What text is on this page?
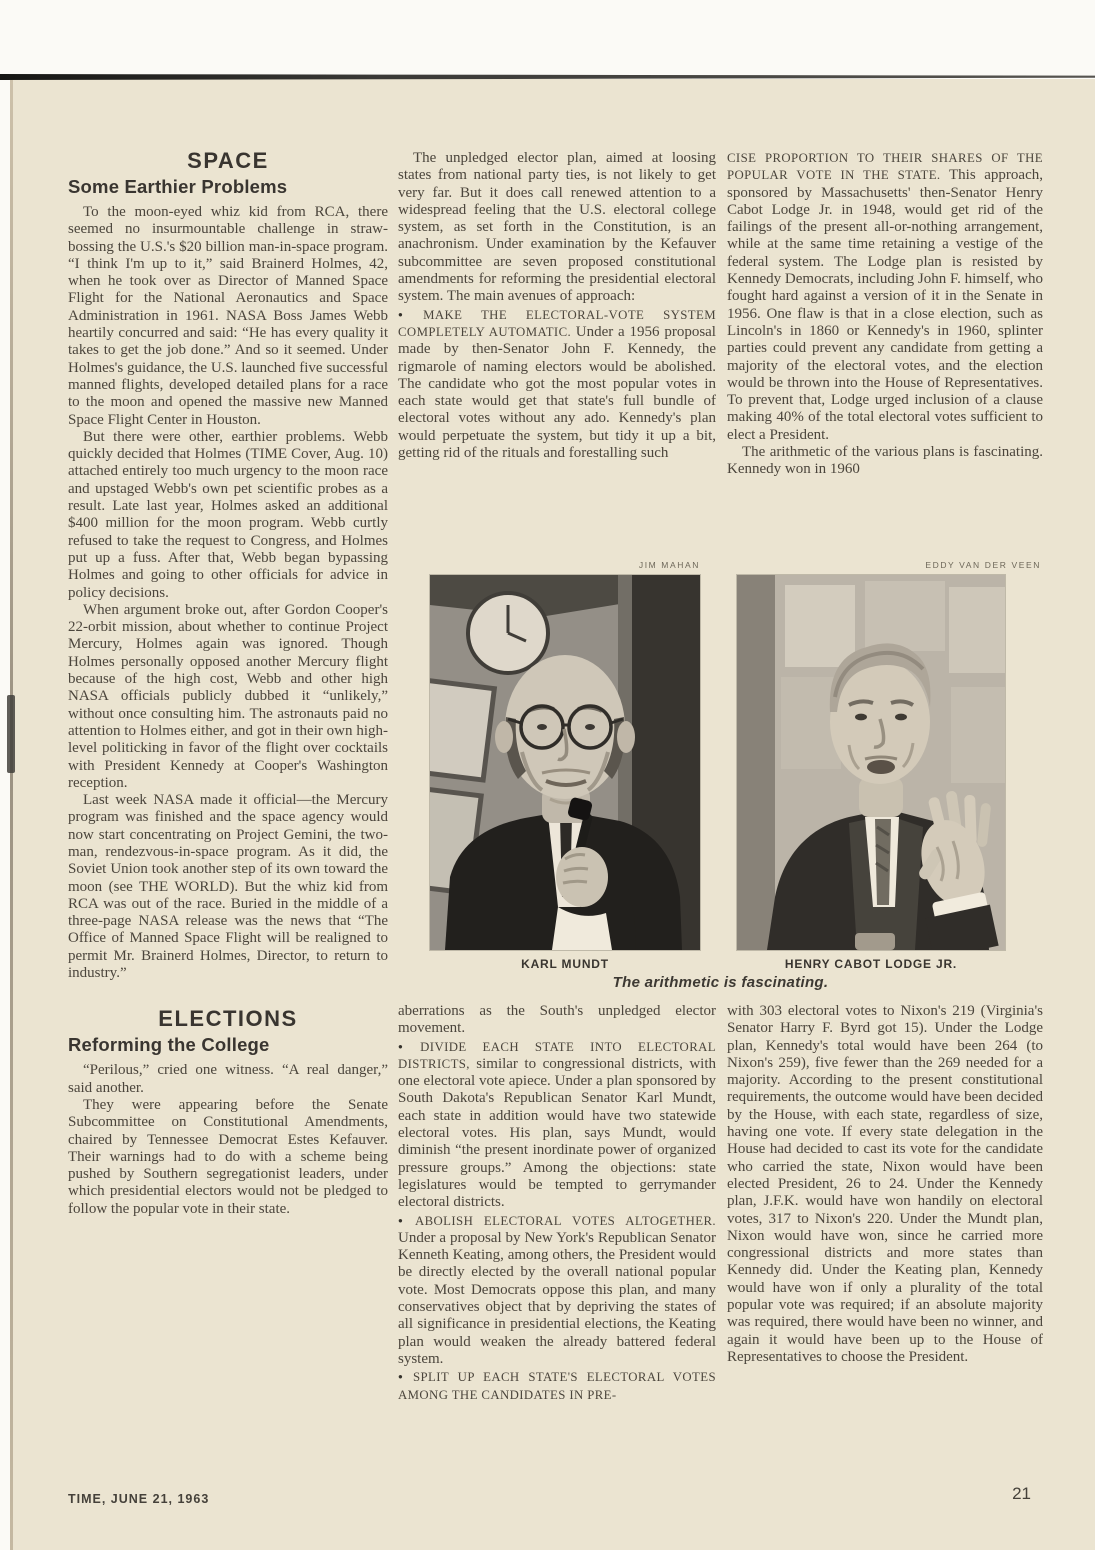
SPACE
Some Earthier Problems
To the moon-eyed whiz kid from RCA, there seemed no insurmountable challenge in straw-bossing the U.S.'s $20 billion man-in-space program. “I think I'm up to it,” said Brainerd Holmes, 42, when he took over as Director of Manned Space Flight for the National Aeronautics and Space Administration in 1961. NASA Boss James Webb heartily concurred and said: “He has every quality it takes to get the job done.” And so it seemed. Under Holmes's guidance, the U.S. launched five successful manned flights, developed detailed plans for a race to the moon and opened the massive new Manned Space Flight Center in Houston.
But there were other, earthier problems. Webb quickly decided that Holmes (TIME Cover, Aug. 10) attached entirely too much urgency to the moon race and upstaged Webb's own pet scientific probes as a result. Late last year, Holmes asked an additional $400 million for the moon program. Webb curtly refused to take the request to Congress, and Holmes put up a fuss. After that, Webb began bypassing Holmes and going to other officials for advice in policy decisions.
When argument broke out, after Gordon Cooper's 22-orbit mission, about whether to continue Project Mercury, Holmes again was ignored. Though Holmes personally opposed another Mercury flight because of the high cost, Webb and other high NASA officials publicly dubbed it “unlikely,” without once consulting him. The astronauts paid no attention to Holmes either, and got in their own high-level politicking in favor of the flight over cocktails with President Kennedy at Cooper's Washington reception.
Last week NASA made it official—the Mercury program was finished and the space agency would now start concentrating on Project Gemini, the two-man, rendezvous-in-space program. As it did, the Soviet Union took another step of its own toward the moon (see THE WORLD). But the whiz kid from RCA was out of the race. Buried in the middle of a three-page NASA release was the news that “The Office of Manned Space Flight will be realigned to permit Mr. Brainerd Holmes, Director, to return to industry.”
ELECTIONS
Reforming the College
“Perilous,” cried one witness. “A real danger,” said another.
They were appearing before the Senate Subcommittee on Constitutional Amendments, chaired by Tennessee Democrat Estes Kefauver. Their warnings had to do with a scheme being pushed by Southern segregationist leaders, under which presidential electors would not be pledged to follow the popular vote in their state.
The unpledged elector plan, aimed at loosing states from national party ties, is not likely to get very far. But it does call renewed attention to a widespread feeling that the U.S. electoral college system, as set forth in the Constitution, is an anachronism. Under examination by the Kefauver subcommittee are seven proposed constitutional amendments for reforming the presidential electoral system. The main avenues of approach:
● MAKE THE ELECTORAL-VOTE SYSTEM COMPLETELY AUTOMATIC. Under a 1956 proposal made by then-Senator John F. Kennedy, the rigmarole of naming electors would be abolished. The candidate who got the most popular votes in each state would get that state's full bundle of electoral votes without any ado. Kennedy's plan would perpetuate the system, but tidy it up a bit, getting rid of the rituals and forestalling such
CISE PROPORTION TO THEIR SHARES OF THE POPULAR VOTE IN THE STATE. This approach, sponsored by Massachusetts' then-Senator Henry Cabot Lodge Jr. in 1948, would get rid of the failings of the present all-or-nothing arrangement, while at the same time retaining a vestige of the federal system. The Lodge plan is resisted by Kennedy Democrats, including John F. himself, who fought hard against a version of it in the Senate in 1956. One flaw is that in a close election, such as Lincoln's in 1860 or Kennedy's in 1960, splinter parties could prevent any candidate from getting a majority of the electoral votes, and the election would be thrown into the House of Representatives. To prevent that, Lodge urged inclusion of a clause making 40% of the total electoral votes sufficient to elect a President.
The arithmetic of the various plans is fascinating. Kennedy won in 1960
JIM MAHAN	EDDY VAN DER VEEN
KARL MUNDT	HENRY CABOT LODGE JR.
The arithmetic is fascinating.
aberrations as the South's unpledged elector movement.
● DIVIDE EACH STATE INTO ELECTORAL DISTRICTS, similar to congressional districts, with one electoral vote apiece. Under a plan sponsored by South Dakota's Republican Senator Karl Mundt, each state in addition would have two statewide electoral votes. His plan, says Mundt, would diminish “the present inordinate power of organized pressure groups.” Among the objections: state legislatures would be tempted to gerrymander electoral districts.
● ABOLISH ELECTORAL VOTES ALTOGETHER. Under a proposal by New York's Republican Senator Kenneth Keating, among others, the President would be directly elected by the overall national popular vote. Most Democrats oppose this plan, and many conservatives object that by depriving the states of all significance in presidential elections, the Keating plan would weaken the already battered federal system.
● SPLIT UP EACH STATE'S ELECTORAL VOTES AMONG THE CANDIDATES IN PRE-
with 303 electoral votes to Nixon's 219 (Virginia's Senator Harry F. Byrd got 15). Under the Lodge plan, Kennedy's total would have been 264 (to Nixon's 259), five fewer than the 269 needed for a majority. According to the present constitutional requirements, the outcome would have been decided by the House, with each state, regardless of size, having one vote. If every state delegation in the House had decided to cast its vote for the candidate who carried the state, Nixon would have been elected President, 26 to 24. Under the Kennedy plan, J.F.K. would have won handily on electoral votes, 317 to Nixon's 220. Under the Mundt plan, Nixon would have won, since he carried more congressional districts and more states than Kennedy did. Under the Keating plan, Kennedy would have won if only a plurality of the total popular vote was required; if an absolute majority was required, there would have been no winner, and again it would have been up to the House of Representatives to choose the President.
TIME, JUNE 21, 1963	21
